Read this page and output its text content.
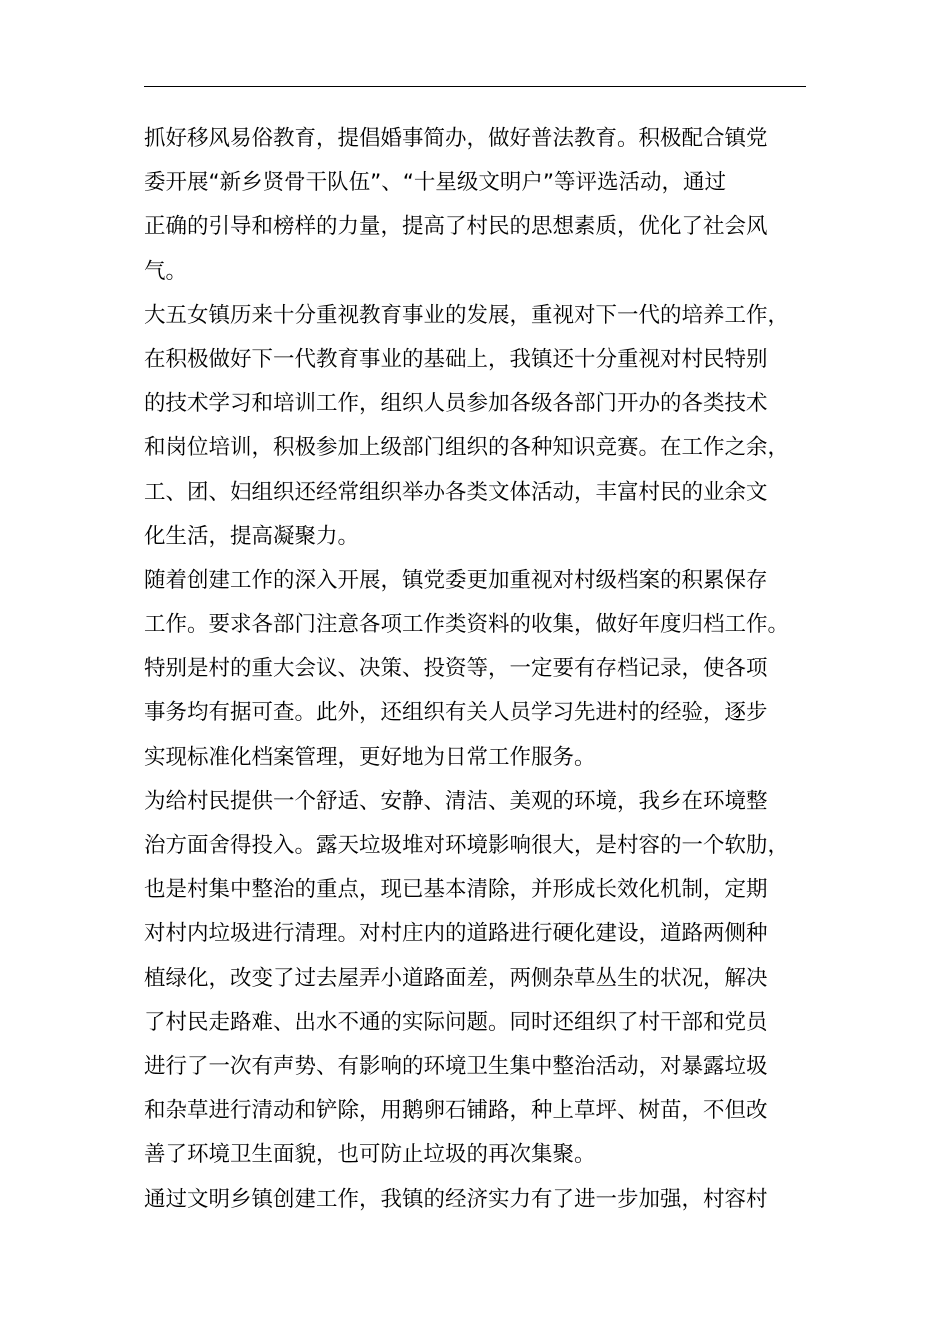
抓好移风易俗教育，提倡婚事简办，做好普法教育。积极配合镇党
委开展“新乡贤骨干队伍”、“十星级文明户”等评选活动，通过
正确的引导和榜样的力量，提高了村民的思想素质，优化了社会风
气。
大五女镇历来十分重视教育事业的发展，重视对下一代的培养工作，
在积极做好下一代教育事业的基础上，我镇还十分重视对村民特别
的技术学习和培训工作，组织人员参加各级各部门开办的各类技术
和岗位培训，积极参加上级部门组织的各种知识竞赛。在工作之余，
工、团、妇组织还经常组织举办各类文体活动，丰富村民的业余文
化生活，提高凝聚力。
随着创建工作的深入开展，镇党委更加重视对村级档案的积累保存
工作。要求各部门注意各项工作类资料的收集，做好年度归档工作。
特别是村的重大会议、决策、投资等，一定要有存档记录，使各项
事务均有据可查。此外，还组织有关人员学习先进村的经验，逐步
实现标准化档案管理，更好地为日常工作服务。
为给村民提供一个舒适、安静、清洁、美观的环境，我乡在环境整
治方面舍得投入。露天垃圾堆对环境影响很大，是村容的一个软肋，
也是村集中整治的重点，现已基本清除，并形成长效化机制，定期
对村内垃圾进行清理。对村庄内的道路进行硬化建设，道路两侧种
植绿化，改变了过去屋弄小道路面差，两侧杂草丛生的状况，解决
了村民走路难、出水不通的实际问题。同时还组织了村干部和党员
进行了一次有声势、有影响的环境卫生集中整治活动，对暴露垃圾
和杂草进行清动和铲除，用鹅卵石铺路，种上草坪、树苗，不但改
善了环境卫生面貌，也可防止垃圾的再次集聚。
通过文明乡镇创建工作，我镇的经济实力有了进一步加强，村容村
